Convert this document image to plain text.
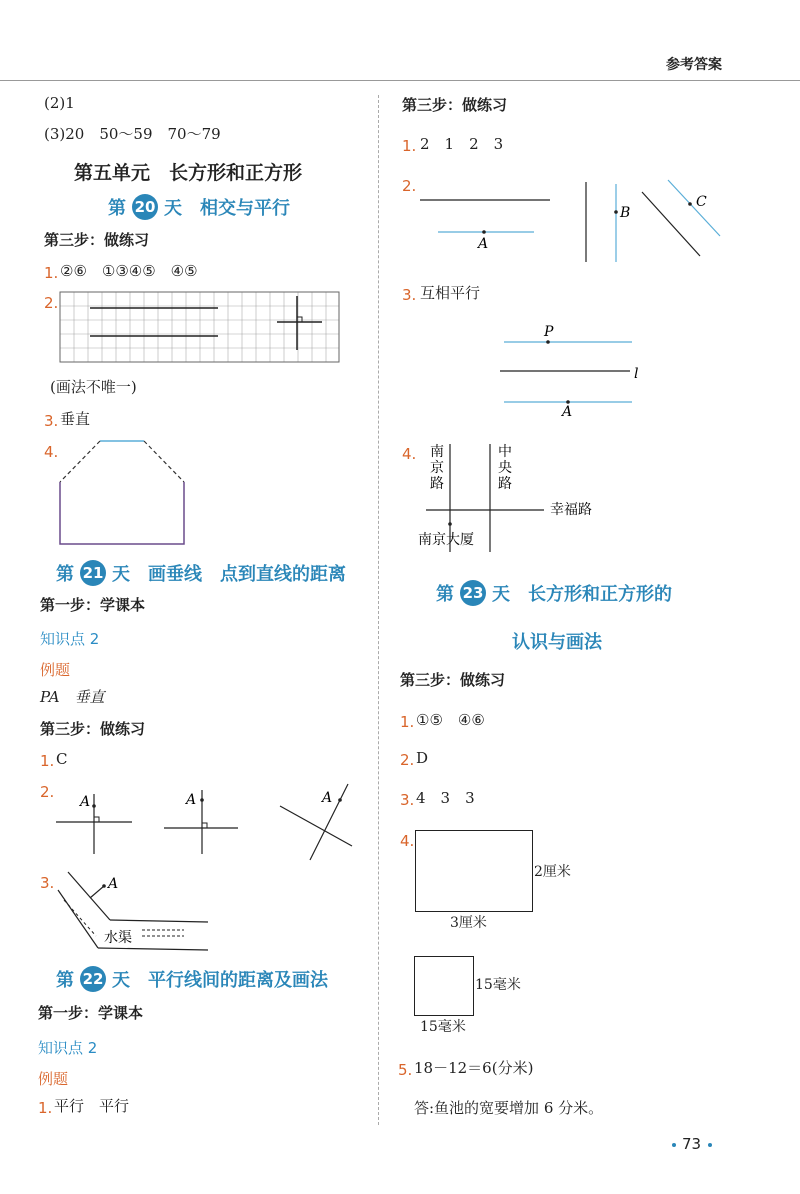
参考答案
(2)1
(3)20　50～59　70～79
第五单元　长方形和正方形
第 20 天　相交与平行
第三步：做练习
1. ②⑥　①③④⑤　④⑤
2.
(画法不唯一)
3. 垂直
4.
第 21 天　画垂线　点到直线的距离
第一步：学课本
知识点 2
例题
PA　垂直
第三步：做练习
1. C
2.
A	A	A
3.	A
水渠
第 22 天　平行线间的距离及画法
第一步：学课本
知识点 2
例题
1. 平行　平行
第三步：做练习
1. 2　1　2　3
2.
A
B
C
3. 互相平行
P
l
A
4. 南
京
路
中
央
路
幸福路
南京大厦
第 23 天　长方形和正方形的
认识与画法
第三步：做练习
1. ①⑤　④⑥
2. D
3. 4　3　3
4.
2厘米
3厘米
15毫米
15毫米
5. 18－12＝6(分米)
答:鱼池的宽要增加 6 分米。
73
